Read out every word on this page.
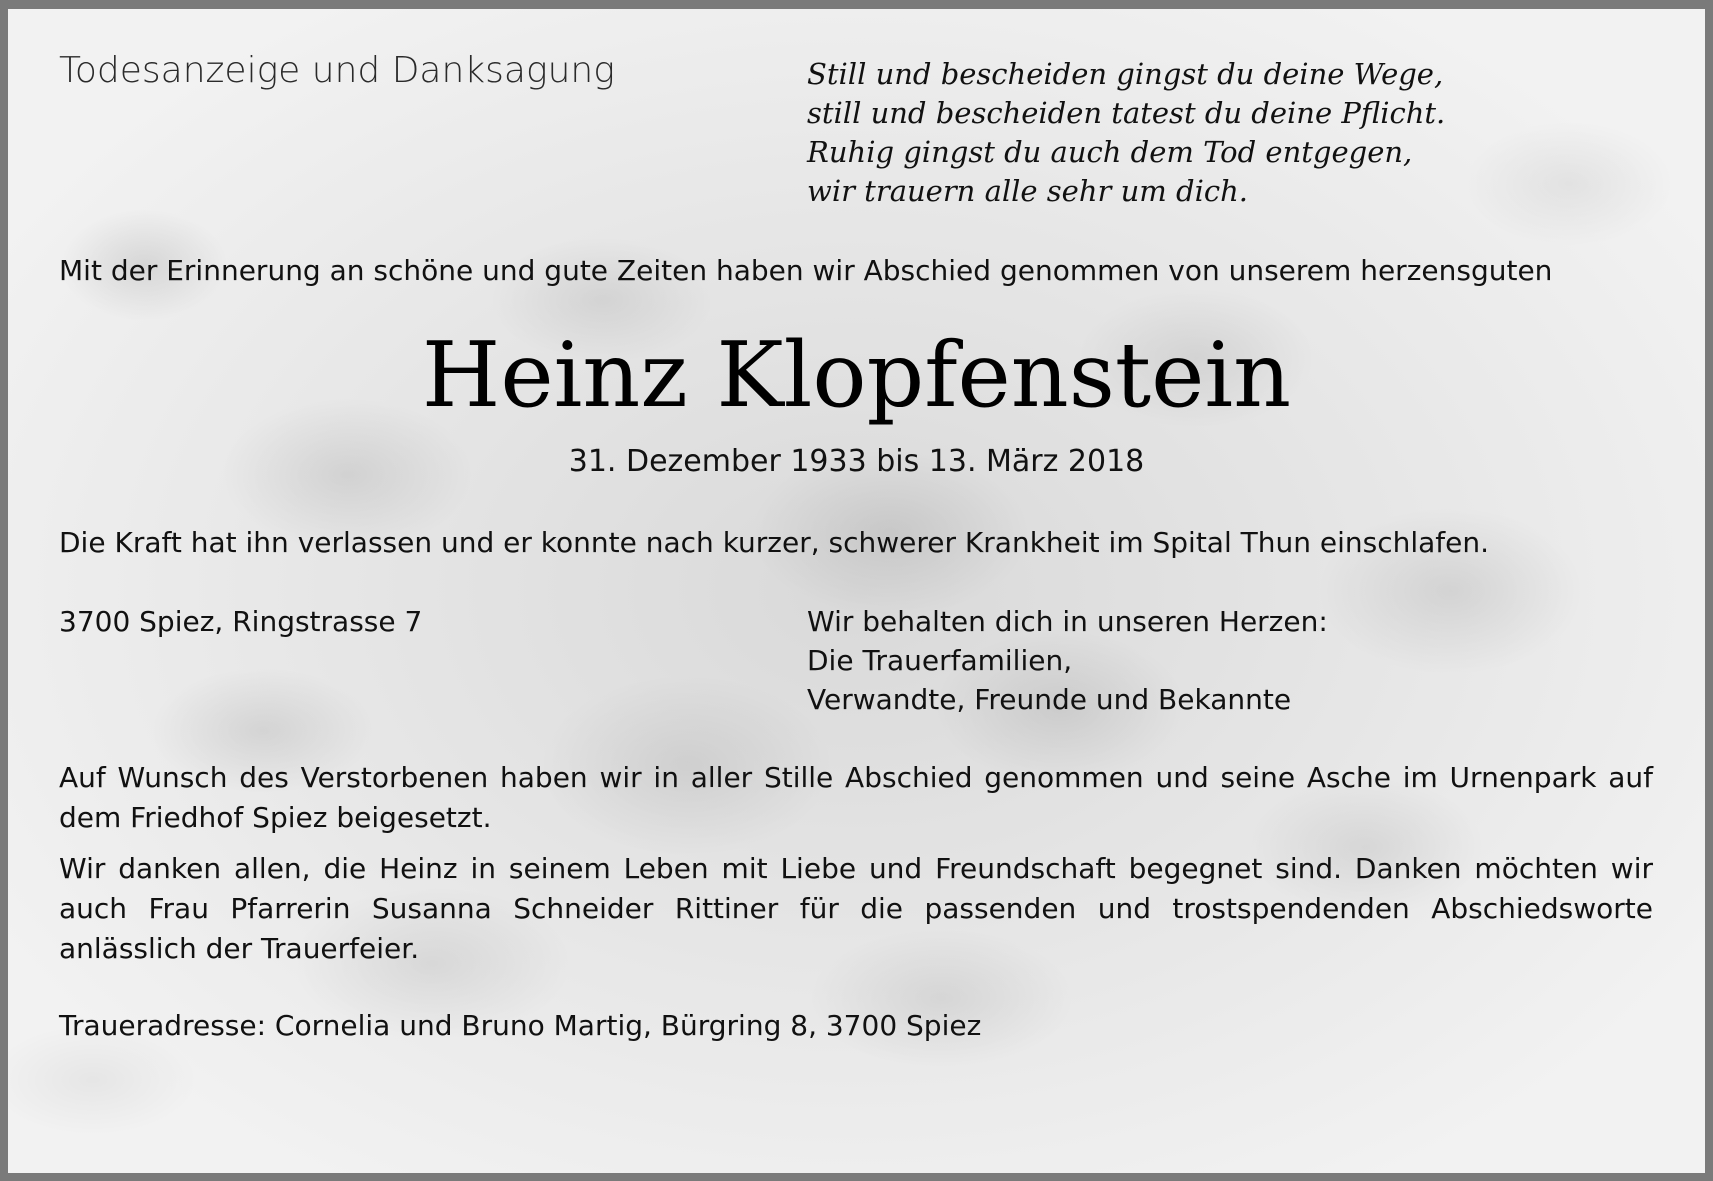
Todesanzeige und Danksagung	Still und bescheiden gingst du deine Wege,
still und bescheiden tatest du deine Pflicht.
Ruhig gingst du auch dem Tod entgegen,
wir trauern alle sehr um dich.

Mit der Erinnerung an schöne und gute Zeiten haben wir Abschied genommen von unserem herzensguten

Heinz Klopfenstein

31. Dezember 1933 bis 13. März 2018

Die Kraft hat ihn verlassen und er konnte nach kurzer, schwerer Krankheit im Spital Thun einschlafen.

3700 Spiez, Ringstrasse 7	Wir behalten dich in unseren Herzen:
Die Trauerfamilien,
Verwandte, Freunde und Bekannte

Auf Wunsch des Verstorbenen haben wir in aller Stille Abschied genommen und seine Asche im Urnenpark auf dem Friedhof Spiez beigesetzt.

Wir danken allen, die Heinz in seinem Leben mit Liebe und Freundschaft begegnet sind. Danken möchten wir auch Frau Pfarrerin Susanna Schneider Rittiner für die passenden und trostspendenden Abschiedsworte anlässlich der Trauerfeier.

Traueradresse: Cornelia und Bruno Martig, Bürgring 8, 3700 Spiez
